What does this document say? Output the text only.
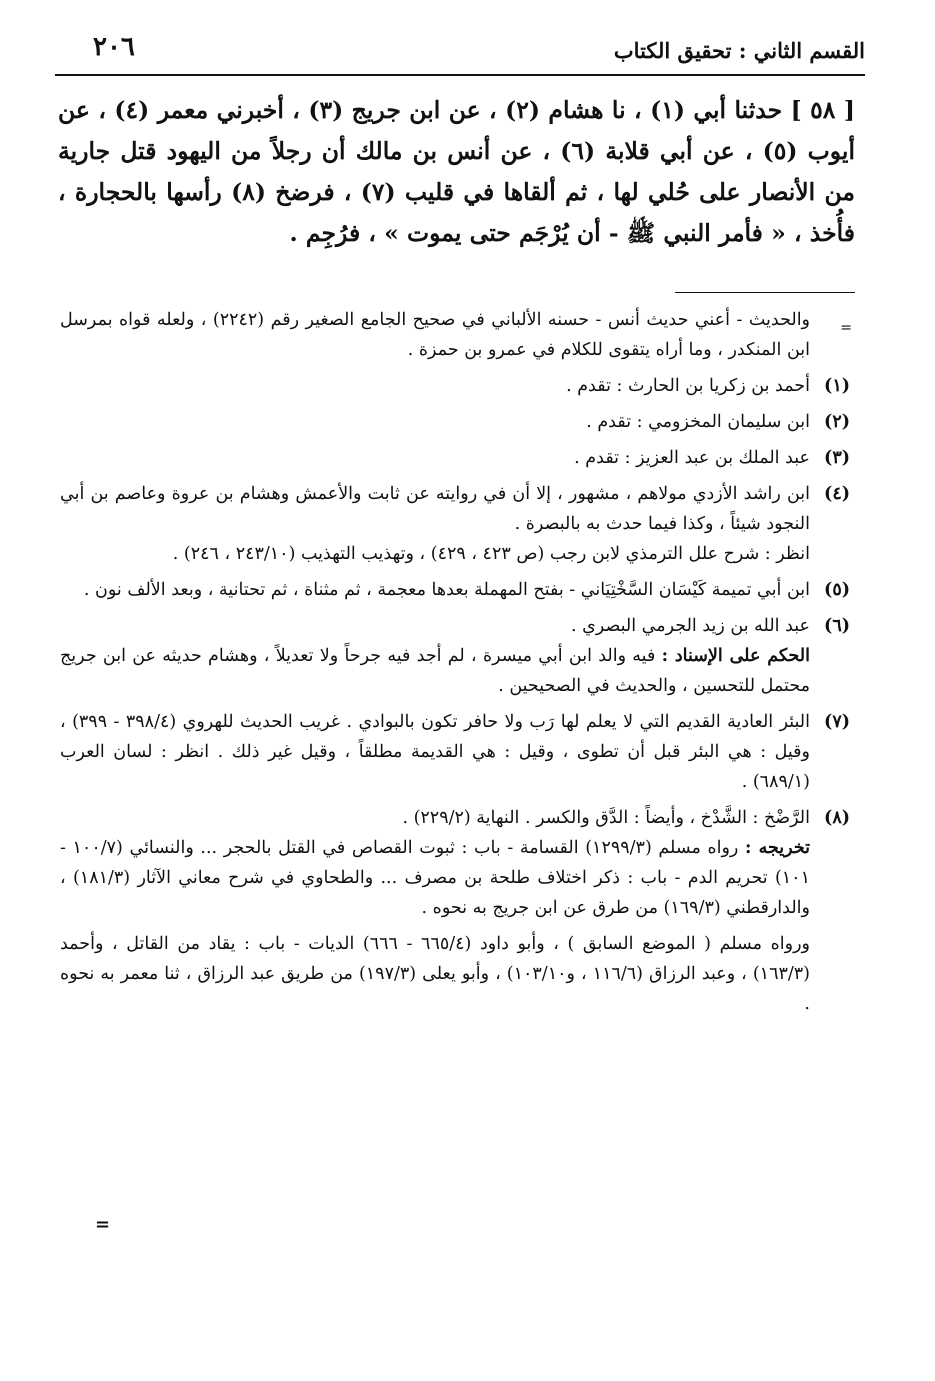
القسم الثاني : تحقيق الكتاب
٢٠٦

[ ٥٨ ] حدثنا أبي (١) ، نا هشام (٢) ، عن ابن جريج (٣) ، أخبرني معمر (٤) ، عن أيوب (٥) ، عن أبي قلابة (٦) ، عن أنس بن مالك أن رجلاً من اليهود قتل جارية من الأنصار على حُلي لها ، ثم ألقاها في قليب (٧) ، فرضخ (٨) رأسها بالحجارة ، فأُخذ ، « فأمر النبي ﷺ - أن يُرْجَم حتى يموت » ، فرُجِم .

=
والحديث - أعني حديث أنس - حسنه الألباني في صحيح الجامع الصغير رقم (٢٢٤٢) ، ولعله قواه بمرسل ابن المنكدر ، وما أراه يتقوى للكلام في عمرو بن حمزة .
(١)
أحمد بن زكريا بن الحارث : تقدم .
(٢)
ابن سليمان المخزومي : تقدم .
(٣)
عبد الملك بن عبد العزيز : تقدم .
(٤)
ابن راشد الأزدي مولاهم ، مشهور ، إلا أن في روايته عن ثابت والأعمش وهشام بن عروة وعاصم بن أبي النجود شيئاً ، وكذا فيما حدث به بالبصرة .
انظر : شرح علل الترمذي لابن رجب (ص ٤٢٣ ، ٤٢٩) ، وتهذيب التهذيب (٢٤٣/١٠ ، ٢٤٦) .
(٥)
ابن أبي تميمة كَيْسَان السَّخْتِيَاني - بفتح المهملة بعدها معجمة ، ثم مثناة ، ثم تحتانية ، وبعد الألف نون .
(٦)
عبد الله بن زيد الجرمي البصري .
الحكم على الإسناد : فيه والد ابن أبي ميسرة ، لم أجد فيه جرحاً ولا تعديلاً ، وهشام حديثه عن ابن جريج محتمل للتحسين ، والحديث في الصحيحين .
(٧)
البئر العادية القديم التي لا يعلم لها رَب ولا حافر تكون بالبوادي . غريب الحديث للهروي (٣٩٨/٤ - ٣٩٩) ، وقيل : هي البئر قبل أن تطوى ، وقيل : هي القديمة مطلقاً ، وقيل غير ذلك . انظر : لسان العرب (٦٨٩/١) .
(٨)
الرَّضْخ : الشَّدْخ ، وأيضاً : الدَّق والكسر . النهاية (٢٢٩/٢) .
تخريجه : رواه مسلم (١٢٩٩/٣) القسامة - باب : ثبوت القصاص في القتل بالحجر ... والنسائي (١٠٠/٧ - ١٠١) تحريم الدم - باب : ذكر اختلاف طلحة بن مصرف ... والطحاوي في شرح معاني الآثار (١٨١/٣) ، والدارقطني (١٦٩/٣) من طرق عن ابن جريج به نحوه .
ورواه مسلم ( الموضع السابق ) ، وأبو داود (٦٦٥/٤ - ٦٦٦) الديات - باب : يقاد من القاتل ، وأحمد (١٦٣/٣) ، وعبد الرزاق (١١٦/٦ ، و١٠٣/١٠) ، وأبو يعلى (١٩٧/٣) من طريق عبد الرزاق ، ثنا معمر به نحوه .
=
